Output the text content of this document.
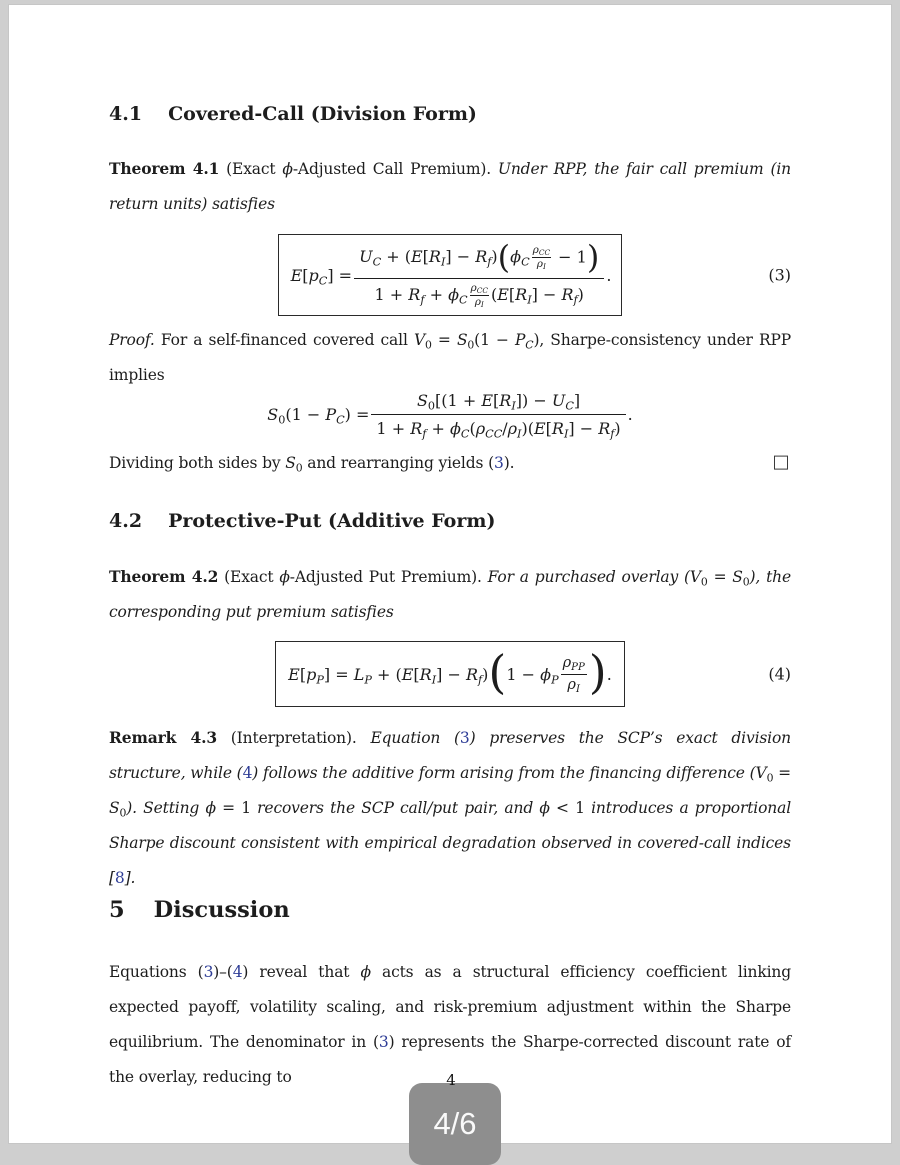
4.1 Covered-Call (Division Form)
Theorem 4.1 (Exact ϕ-Adjusted Call Premium). Under RPP, the fair call premium (in return units) satisfies
$E[p_C] = U_C + (E[R_I] - R_f)(\phi_C$
$\rho_{CC}$
$\rho_I$
− 1)
$1 + R_f + \phi_C$
$\rho_{CC}$
$\rho_I$
$(E[R_I] - R_f)$ .	(3)
Proof. For a self-financed covered call $V_0 = S_0(1 - P_C)$, Sharpe-consistency under RPP implies
$S_0(1 - P_C) = \frac{S_0[(1 + E[R_I]) - U_C]}{1 + R_f + \phi_C(\rho_{CC}/\rho_I)(E[R_I] - R_f)}$ .
Dividing both sides by $S_0$ and rearranging yields (3).
4.2 Protective-Put (Additive Form)
Theorem 4.2 (Exact ϕ-Adjusted Put Premium). For a purchased overlay $(V_0 = S_0)$, the corresponding put premium satisfies
$E[p_P] = L_P + (E[R_I] - R_f)$ ( $1 - \phi_P$
$\rho_{PP}$
$\rho_I$ ) .	(4)
Remark 4.3 (Interpretation). Equation (3) preserves the SCP’s exact division structure, while (4) follows the additive form arising from the financing difference $(V_0 = S_0)$. Setting ϕ = 1 recovers the SCP call/put pair, and ϕ < 1 introduces a proportional Sharpe discount consistent with empirical degradation observed in covered-call indices [8].
5 Discussion
Equations (3)–(4) reveal that ϕ acts as a structural efficiency coefficient linking expected payoff, volatility scaling, and risk-premium adjustment within the Sharpe equilibrium. The denominator in (3) represents the Sharpe-corrected discount rate of the overlay, reducing to	4
4/6
